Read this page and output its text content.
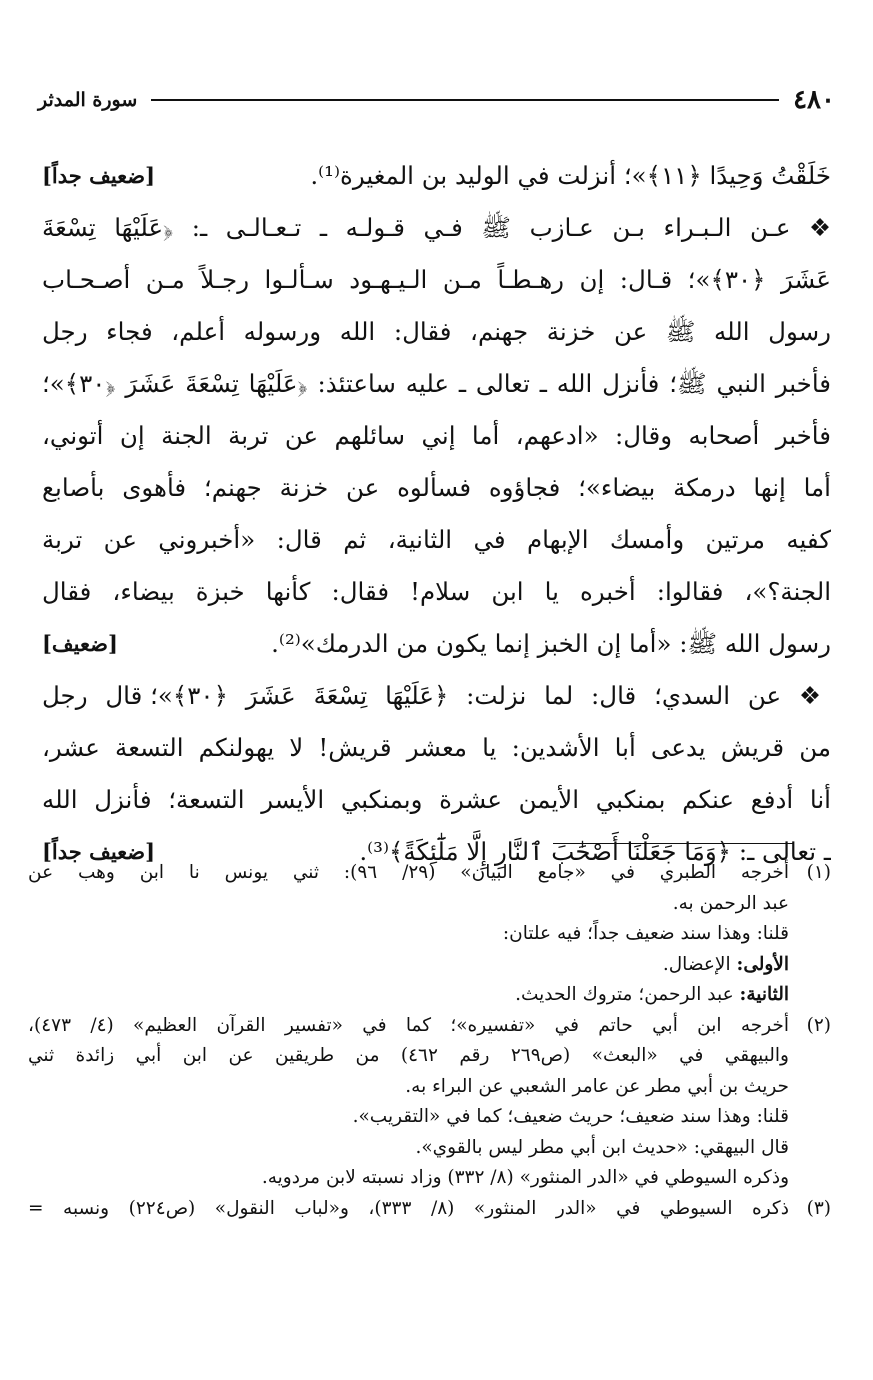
٤٨٠
سورة المدثر
خَلَقْتُ وَحِيدًا ﴿١١﴾»؛ أنزلت في الوليد بن المغيرة⁽¹⁾.
[ضعيف جداً]
❖ عـن الـبـراء بـن عـازب ﷺ فـي قـولـه ـ تـعـالـى ـ: ﴿عَلَيْهَا تِسْعَةَ
عَشَرَ ﴿٣٠﴾»؛ قـال: إن رهـطـاً مـن الـيـهـود سـألـوا رجـلاً مـن أصـحـاب
رسول الله ﷺ عن خزنة جهنم، فقال: الله ورسوله أعلم، فجاء رجل
فأخبر النبي ﷺ؛ فأنزل الله ـ تعالى ـ عليه ساعتئذ: ﴿عَلَيْهَا تِسْعَةَ عَشَرَ ﴿٣٠﴾»؛
فأخبر أصحابه وقال: «ادعهم، أما إني سائلهم عن تربة الجنة إن أتوني،
أما إنها درمكة بيضاء»؛ فجاؤوه فسألوه عن خزنة جهنم؛ فأهوى بأصابع
كفيه مرتين وأمسك الإبهام في الثانية، ثم قال: «أخبروني عن تربة
الجنة؟»، فقالوا: أخبره يا ابن سلام! فقال: كأنها خبزة بيضاء، فقال
رسول الله ﷺ: «أما إن الخبز إنما يكون من الدرمك»⁽²⁾.
[ضعيف]
❖ عن السدي؛ قال: لما نزلت: ﴿عَلَيْهَا تِسْعَةَ عَشَرَ ﴿٣٠﴾»؛ قال رجل
من قريش يدعى أبا الأشدين: يا معشر قريش! لا يهولنكم التسعة عشر،
أنا أدفع عنكم بمنكبي الأيمن عشرة وبمنكبي الأيسر التسعة؛ فأنزل الله
ـ تعالى ـ: ﴿وَمَا جَعَلْنَا أَصْحَٰبَ ٱلنَّارِ إِلَّا مَلَٰٓئِكَةً﴾⁽³⁾.
[ضعيف جداً]
(١)أخرجه الطبري في «جامع البيان» (٢٩/ ٩٦): ثني يونس نا ابن وهب عن
عبد الرحمن به.
قلنا: وهذا سند ضعيف جداً؛ فيه علتان:
الأولى: الإعضال.
الثانية: عبد الرحمن؛ متروك الحديث.
(٢)أخرجه ابن أبي حاتم في «تفسيره»؛ كما في «تفسير القرآن العظيم» (٤/ ٤٧٣)،
والبيهقي في «البعث» (ص٢٦٩ رقم ٤٦٢) من طريقين عن ابن أبي زائدة ثني
حريث بن أبي مطر عن عامر الشعبي عن البراء به.
قلنا: وهذا سند ضعيف؛ حريث ضعيف؛ كما في «التقريب».
قال البيهقي: «حديث ابن أبي مطر ليس بالقوي».
وذكره السيوطي في «الدر المنثور» (٨/ ٣٣٢) وزاد نسبته لابن مردويه.
(٣)ذكره السيوطي في «الدر المنثور» (٨/ ٣٣٣)، و«لباب النقول» (ص٢٢٤) ونسبه =
